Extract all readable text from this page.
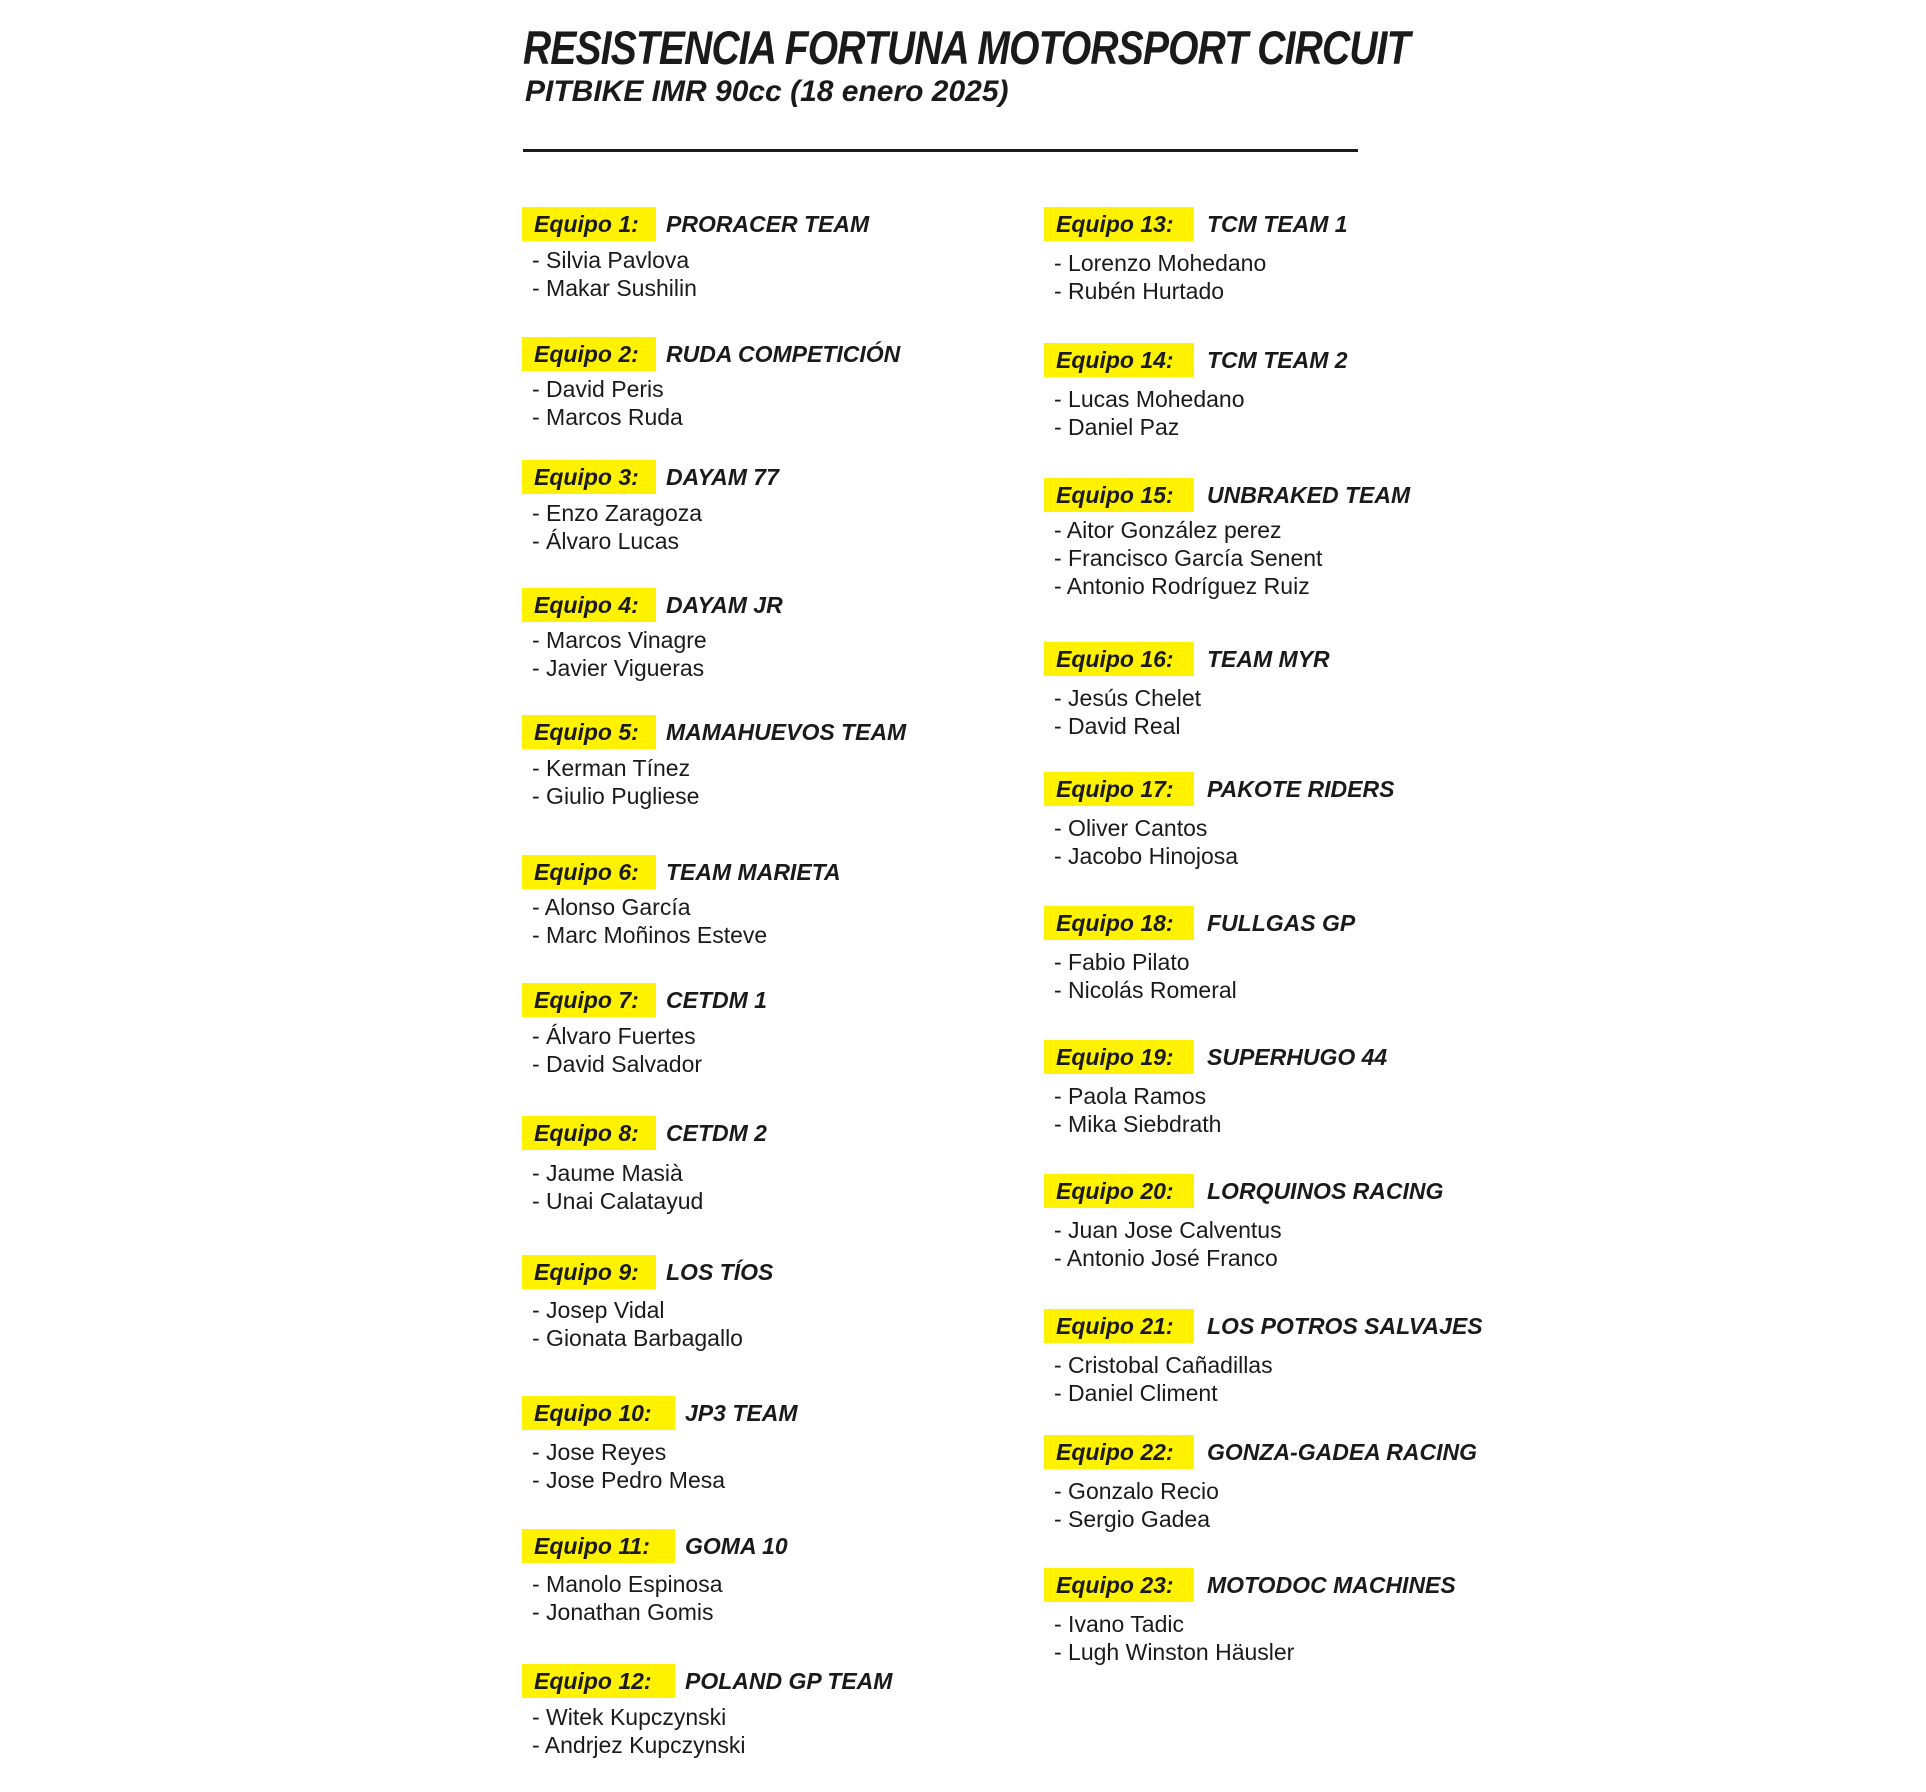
RESISTENCIA FORTUNA MOTORSPORT CIRCUIT
PITBIKE IMR 90cc (18 enero 2025)
Equipo 1:	PRORACER TEAM
- Silvia Pavlova
- Makar Sushilin
Equipo 2:	RUDA COMPETICIÓN
- David Peris
- Marcos Ruda
Equipo 3:	DAYAM 77
- Enzo Zaragoza
- Álvaro Lucas
Equipo 4:	DAYAM JR
- Marcos Vinagre
- Javier Vigueras
Equipo 5:	MAMAHUEVOS TEAM
- Kerman Tínez
- Giulio Pugliese
Equipo 6:	TEAM MARIETA
- Alonso García
- Marc Moñinos Esteve
Equipo 7:	CETDM 1
- Álvaro Fuertes
- David Salvador
Equipo 8:	CETDM 2
- Jaume Masià
- Unai Calatayud
Equipo 9:	LOS TÍOS
- Josep Vidal
- Gionata Barbagallo
Equipo 10:	JP3 TEAM
- Jose Reyes
- Jose Pedro Mesa
Equipo 11:	GOMA 10
- Manolo Espinosa
- Jonathan Gomis
Equipo 12:	POLAND GP TEAM
- Witek Kupczynski
- Andrjez Kupczynski
Equipo 13:	TCM TEAM 1
- Lorenzo Mohedano
- Rubén Hurtado
Equipo 14:	TCM TEAM 2
- Lucas Mohedano
- Daniel Paz
Equipo 15:	UNBRAKED TEAM
- Aitor González perez
- Francisco García Senent
- Antonio Rodríguez Ruiz
Equipo 16:	TEAM MYR
- Jesús Chelet
- David Real
Equipo 17:	PAKOTE RIDERS
- Oliver Cantos
- Jacobo Hinojosa
Equipo 18:	FULLGAS GP
- Fabio Pilato
- Nicolás Romeral
Equipo 19:	SUPERHUGO 44
- Paola Ramos
- Mika Siebdrath
Equipo 20:	LORQUINOS RACING
- Juan Jose Calventus
- Antonio José Franco
Equipo 21:	LOS POTROS SALVAJES
- Cristobal Cañadillas
- Daniel Climent
Equipo 22:	GONZA-GADEA RACING
- Gonzalo Recio
- Sergio Gadea
Equipo 23:	MOTODOC MACHINES
- Ivano Tadic
- Lugh Winston Häusler
